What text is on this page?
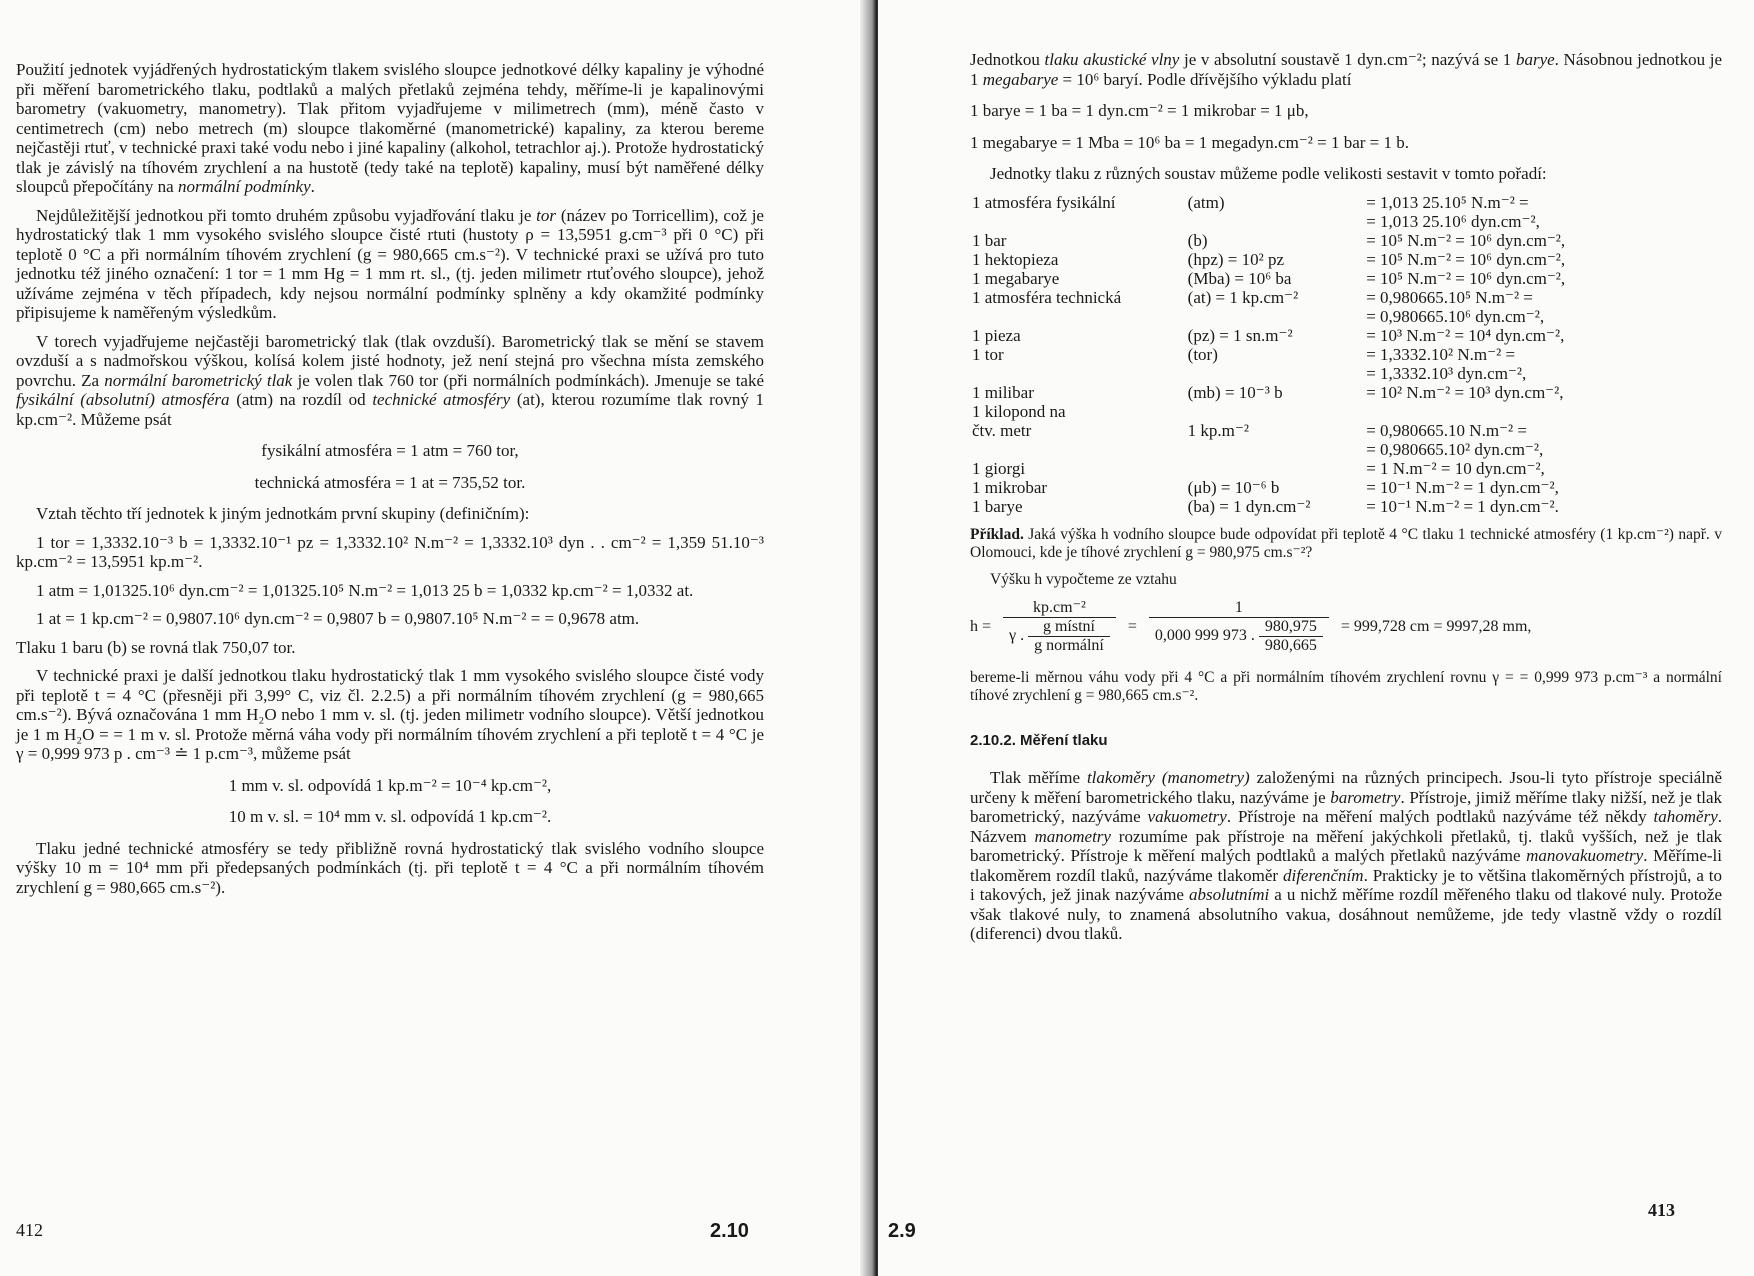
Použití jednotek vyjádřených hydrostatickým tlakem svislého sloupce jednotkové délky kapaliny je výhodné při měření barometrického tlaku, podtlaků a malých přetlaků zejména tehdy, měříme-li je kapalinovými barometry (vakuometry, manometry). Tlak přitom vyjadřujeme v milimetrech (mm), méně často v centimetrech (cm) nebo metrech (m) sloupce tlakoměrné (manometrické) kapaliny, za kterou bereme nejčastěji rtuť, v technické praxi také vodu nebo i jiné kapaliny (alkohol, tetrachlor aj.). Protože hydrostatický tlak je závislý na tíhovém zrychlení a na hustotě (tedy také na teplotě) kapaliny, musí být naměřené délky sloupců přepočítány na normální podmínky.

Nejdůležitější jednotkou při tomto druhém způsobu vyjadřování tlaku je tor (název po Torricellim), což je hydrostatický tlak 1 mm vysokého svislého sloupce čisté rtuti (hustoty ρ = 13,5951 g.cm⁻³ při 0 °C) při teplotě 0 °C a při normálním tíhovém zrychlení (g = 980,665 cm.s⁻²). V technické praxi se užívá pro tuto jednotku též jiného označení: 1 tor = 1 mm Hg = 1 mm rt. sl., (tj. jeden milimetr rtuťového sloupce), jehož užíváme zejména v těch případech, kdy nejsou normální podmínky splněny a kdy okamžité podmínky připisujeme k naměřeným výsledkům.

V torech vyjadřujeme nejčastěji barometrický tlak (tlak ovzduší). Barometrický tlak se mění se stavem ovzduší a s nadmořskou výškou, kolísá kolem jisté hodnoty, jež není stejná pro všechna místa zemského povrchu. Za normální barometrický tlak je volen tlak 760 tor (při normálních podmínkách). Jmenuje se také fysikální (absolutní) atmosféra (atm) na rozdíl od technické atmosféry (at), kterou rozumíme tlak rovný 1 kp.cm⁻². Můžeme psát

fysikální atmosféra = 1 atm = 760 tor,
technická atmosféra = 1 at = 735,52 tor.

Vztah těchto tří jednotek k jiným jednotkám první skupiny (definičním):

1 tor = 1,3332.10⁻³ b = 1,3332.10⁻¹ pz = 1,3332.10² N.m⁻² = 1,3332.10³ dyn . . cm⁻² = 1,359 51.10⁻³ kp.cm⁻² = 13,5951 kp.m⁻².

1 atm = 1,01325.10⁶ dyn.cm⁻² = 1,01325.10⁵ N.m⁻² = 1,013 25 b = 1,0332 kp.cm⁻² = 1,0332 at.

1 at = 1 kp.cm⁻² = 0,9807.10⁶ dyn.cm⁻² = 0,9807 b = 0,9807.10⁵ N.m⁻² = = 0,9678 atm.

Tlaku 1 baru (b) se rovná tlak 750,07 tor.

V technické praxi je další jednotkou tlaku hydrostatický tlak 1 mm vysokého svislého sloupce čisté vody při teplotě t = 4 °C (přesněji při 3,99° C, viz čl. 2.2.5) a při normálním tíhovém zrychlení (g = 980,665 cm.s⁻²). Bývá označována 1 mm H₂O nebo 1 mm v. sl. (tj. jeden milimetr vodního sloupce). Větší jednotkou je 1 m H₂O = = 1 m v. sl. Protože měrná váha vody při normálním tíhovém zrychlení a při teplotě t = 4 °C je γ = 0,999 973 p . cm⁻³ ≐ 1 p.cm⁻³, můžeme psát

1 mm v. sl. odpovídá 1 kp.m⁻² = 10⁻⁴ kp.cm⁻²,
10 m v. sl. = 10⁴ mm v. sl. odpovídá 1 kp.cm⁻².

Tlaku jedné technické atmosféry se tedy přibližně rovná hydrostatický tlak svislého vodního sloupce výšky 10 m = 10⁴ mm při předepsaných podmínkách (tj. při teplotě t = 4 °C a při normálním tíhovém zrychlení g = 980,665 cm.s⁻²).

412	2.10

Jednotkou tlaku akustické vlny je v absolutní soustavě 1 dyn.cm⁻²; nazývá se 1 barye. Násobnou jednotkou je 1 megabarye = 10⁶ baryí. Podle dřívějšího výkladu platí

1 barye = 1 ba = 1 dyn.cm⁻² = 1 mikrobar = 1 μb,
1 megabarye = 1 Mba = 10⁶ ba = 1 megadyn.cm⁻² = 1 bar = 1 b.

Jednotky tlaku z různých soustav můžeme podle velikosti sestavit v tomto pořadí:

1 atmosféra fysikální	(atm)	= 1,013 25.10⁵ N.m⁻² =
		= 1,013 25.10⁶ dyn.cm⁻²,
1 bar	(b)	= 10⁵ N.m⁻² = 10⁶ dyn.cm⁻²,
1 hektopieza	(hpz) = 10² pz	= 10⁵ N.m⁻² = 10⁶ dyn.cm⁻²,
1 megabarye	(Mba) = 10⁶ ba	= 10⁵ N.m⁻² = 10⁶ dyn.cm⁻²,
1 atmosféra technická	(at) = 1 kp.cm⁻²	= 0,980665.10⁵ N.m⁻² =
		= 0,980665.10⁶ dyn.cm⁻²,
1 pieza	(pz) = 1 sn.m⁻²	= 10³ N.m⁻² = 10⁴ dyn.cm⁻²,
1 tor	(tor)	= 1,3332.10² N.m⁻² =
		= 1,3332.10³ dyn.cm⁻²,
1 milibar	(mb) = 10⁻³ b	= 10² N.m⁻² = 10³ dyn.cm⁻²,
1 kilopond na		
čtv. metr	1 kp.m⁻²	= 0,980665.10 N.m⁻² =
		= 0,980665.10² dyn.cm⁻²,
1 giorgi		= 1 N.m⁻² = 10 dyn.cm⁻²,
1 mikrobar	(μb) = 10⁻⁶ b	= 10⁻¹ N.m⁻² = 1 dyn.cm⁻²,
1 barye	(ba) = 1 dyn.cm⁻²	= 10⁻¹ N.m⁻² = 1 dyn.cm⁻².

Příklad. Jaká výška h vodního sloupce bude odpovídat při teplotě 4 °C tlaku 1 technické atmosféry (1 kp.cm⁻²) např. v Olomouci, kde je tíhové zrychlení g = 980,975 cm.s⁻²?

Výšku h vypočteme ze vztahu

$h = \frac{\text{kp.cm⁻²}}{\gamma . \frac{\text{g místní}}{\text{g normální}}} = \frac{1}{0,000 999 973 . \frac{980,975}{980,665}} = 999,728$ cm = 9997,28 mm,

bereme-li měrnou váhu vody při 4 °C a při normálním tíhovém zrychlení rovnu γ = = 0,999 973 p.cm⁻³ a normální tíhové zrychlení g = 980,665 cm.s⁻².

2.10.2. Měření tlaku

Tlak měříme tlakoměry (manometry) založenými na různých principech. Jsou-li tyto přístroje speciálně určeny k měření barometrického tlaku, nazýváme je barometry. Přístroje, jimiž měříme tlaky nižší, než je tlak barometrický, nazýváme vakuometry. Přístroje na měření malých podtlaků nazýváme též někdy tahoměry. Názvem manometry rozumíme pak přístroje na měření jakýchkoli přetlaků, tj. tlaků vyšších, než je tlak barometrický. Přístroje k měření malých podtlaků a malých přetlaků nazýváme manovakuometry. Měříme-li tlakoměrem rozdíl tlaků, nazýváme tlakoměr diferenčním. Prakticky je to většina tlakoměrných přístrojů, a to i takových, jež jinak nazýváme absolutními a u nichž měříme rozdíl měřeného tlaku od tlakové nuly. Protože však tlakové nuly, to znamená absolutního vakua, dosáhnout nemůžeme, jde tedy vlastně vždy o rozdíl (diferenci) dvou tlaků.

2.9
413
